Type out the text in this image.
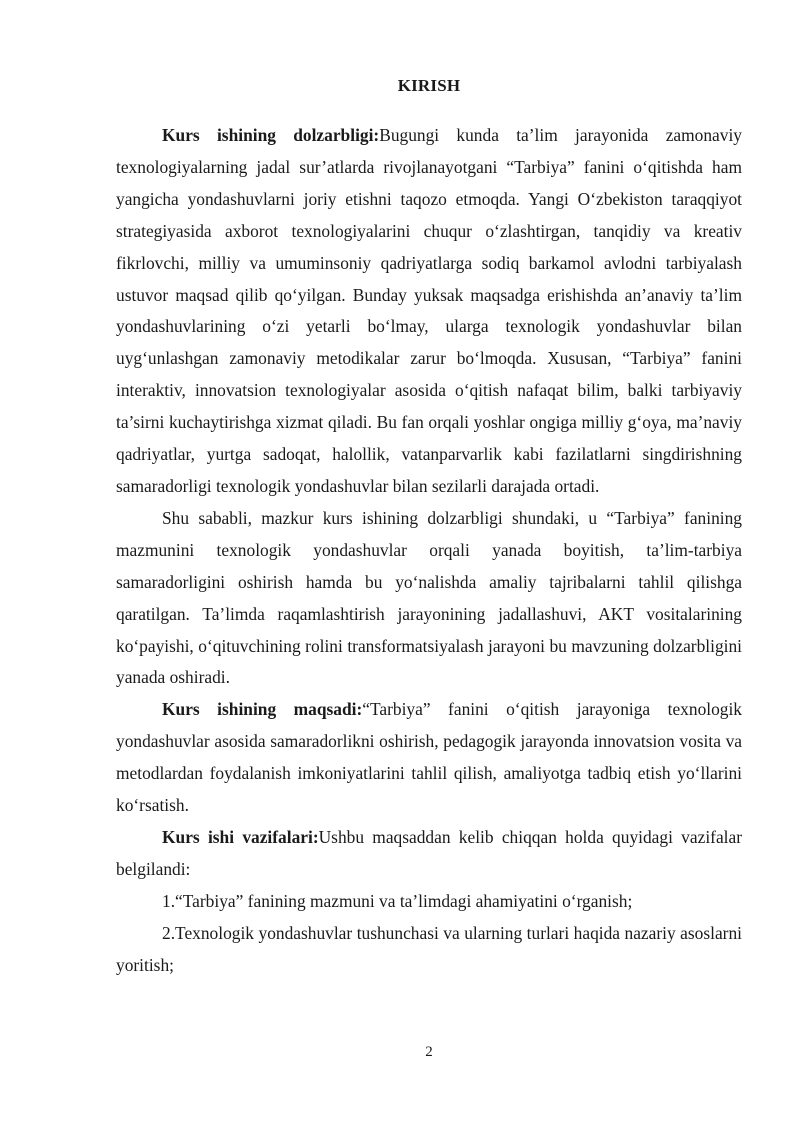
KIRISH

Kurs ishining dolzarbligi:Bugungi kunda ta’lim jarayonida zamonaviy texnologiyalarning jadal sur’atlarda rivojlanayotgani “Tarbiya” fanini o‘qitishda ham yangicha yondashuvlarni joriy etishni taqozo etmoqda. Yangi O‘zbekiston taraqqiyot strategiyasida axborot texnologiyalarini chuqur o‘zlashtirgan, tanqidiy va kreativ fikrlovchi, milliy va umuminsoniy qadriyatlarga sodiq barkamol avlodni tarbiyalash ustuvor maqsad qilib qo‘yilgan. Bunday yuksak maqsadga erishishda an’anaviy ta’lim yondashuvlarining o‘zi yetarli bo‘lmay, ularga texnologik yondashuvlar bilan uyg‘unlashgan zamonaviy metodikalar zarur bo‘lmoqda. Xususan, “Tarbiya” fanini interaktiv, innovatsion texnologiyalar asosida o‘qitish nafaqat bilim, balki tarbiyaviy ta’sirni kuchaytirishga xizmat qiladi. Bu fan orqali yoshlar ongiga milliy g‘oya, ma’naviy qadriyatlar, yurtga sadoqat, halollik, vatanparvarlik kabi fazilatlarni singdirishning samaradorligi texnologik yondashuvlar bilan sezilarli darajada ortadi.

Shu sababli, mazkur kurs ishining dolzarbligi shundaki, u “Tarbiya” fanining mazmunini texnologik yondashuvlar orqali yanada boyitish, ta’lim-tarbiya samaradorligini oshirish hamda bu yo‘nalishda amaliy tajribalarni tahlil qilishga qaratilgan. Ta’limda raqamlashtirish jarayonining jadallashuvi, AKT vositalarining ko‘payishi, o‘qituvchining rolini transformatsiyalash jarayoni bu mavzuning dolzarbligini yanada oshiradi.

Kurs ishining maqsadi:“Tarbiya” fanini o‘qitish jarayoniga texnologik yondashuvlar asosida samaradorlikni oshirish, pedagogik jarayonda innovatsion vosita va metodlardan foydalanish imkoniyatlarini tahlil qilish, amaliyotga tadbiq etish yo‘llarini ko‘rsatish.

Kurs ishi vazifalari:Ushbu maqsaddan kelib chiqqan holda quyidagi vazifalar belgilandi:

1.“Tarbiya” fanining mazmuni va ta’limdagi ahamiyatini o‘rganish;

2.Texnologik yondashuvlar tushunchasi va ularning turlari haqida nazariy asoslarni yoritish;

2
